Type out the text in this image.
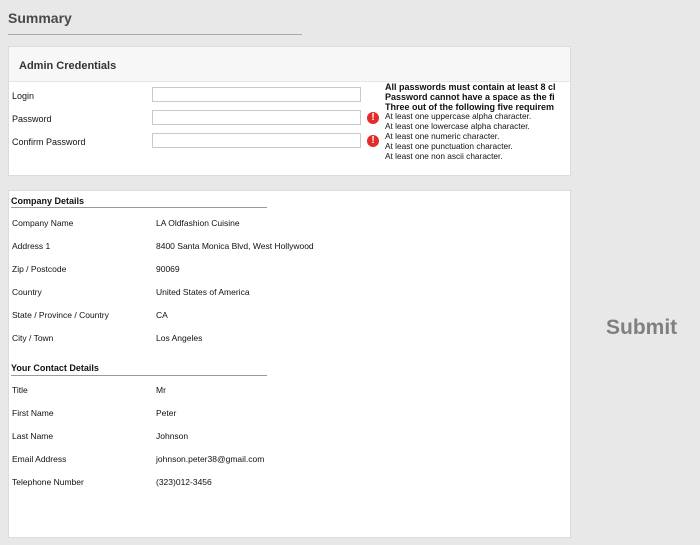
Summary
Admin Credentials
Login
Password	!
Confirm Password	!
All passwords must contain at least 8 cl
Password cannot have a space as the fi
Three out of the following five requirem
At least one uppercase alpha character.
At least one lowercase alpha character.
At least one numeric character.
At least one punctuation character.
At least one non ascii character.
Company Details
Company Name	LA Oldfashion Cuisine
Address 1	8400 Santa Monica Blvd, West Hollywood
Zip / Postcode	90069
Country	United States of America
State / Province / Country	CA
City / Town	Los Angeles
Your Contact Details
Title	Mr
First Name	Peter
Last Name	Johnson
Email Address	johnson.peter38@gmail.com
Telephone Number	(323)012-3456
Submit
